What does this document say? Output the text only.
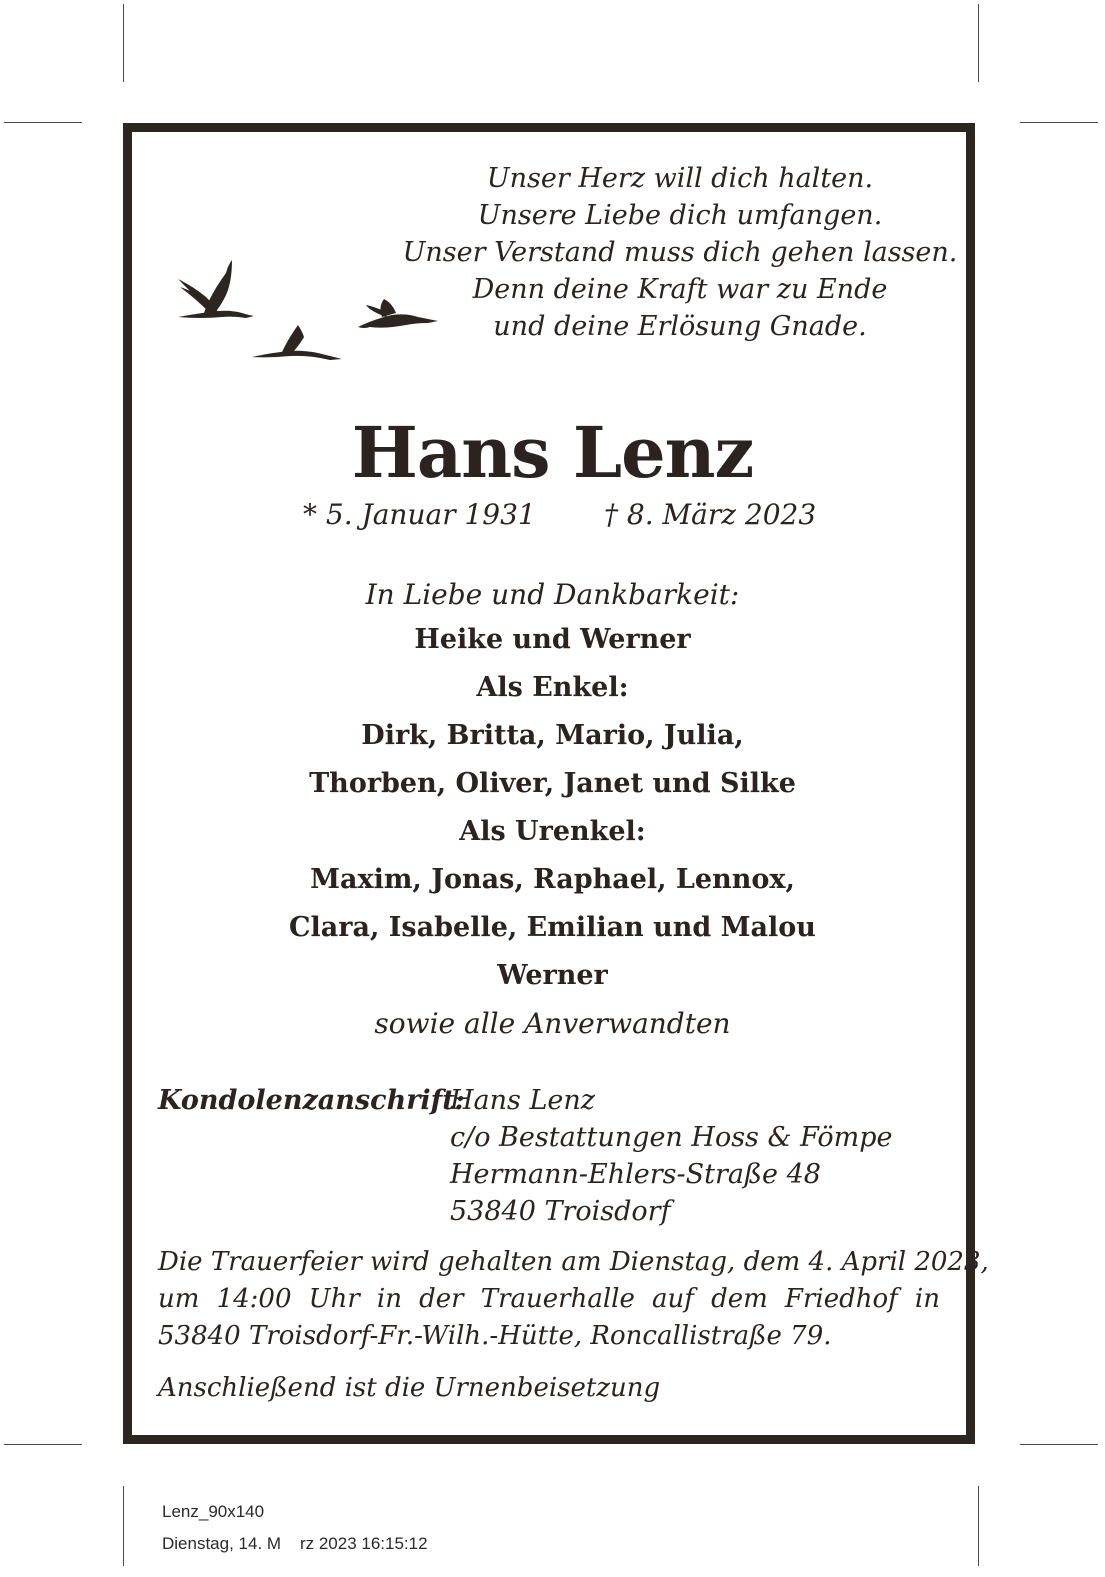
Unser Herz will dich halten.
Unsere Liebe dich umfangen.
Unser Verstand muss dich gehen lassen.
Denn deine Kraft war zu Ende
und deine Erlösung Gnade.
Hans Lenz
* 5. Januar 1931 † 8. März 2023
In Liebe und Dankbarkeit:
Heike und Werner
Als Enkel:
Dirk, Britta, Mario, Julia,
Thorben, Oliver, Janet und Silke
Als Urenkel:
Maxim, Jonas, Raphael, Lennox,
Clara, Isabelle, Emilian und Malou
Werner
sowie alle Anverwandten
Kondolenzanschrift:
Hans Lenz
c/o Bestattungen Hoss & Fömpe
Hermann-Ehlers-Straße 48
53840 Troisdorf
Die Trauerfeier wird gehalten am Dienstag, dem 4. April 2023,
um 14:00 Uhr in der Trauerhalle auf dem Friedhof in
53840 Troisdorf-Fr.-Wilh.-Hütte, Roncallistraße 79.
Anschließend ist die Urnenbeisetzung
Lenz_90x140
Dienstag, 14. M    rz 2023 16:15:12
